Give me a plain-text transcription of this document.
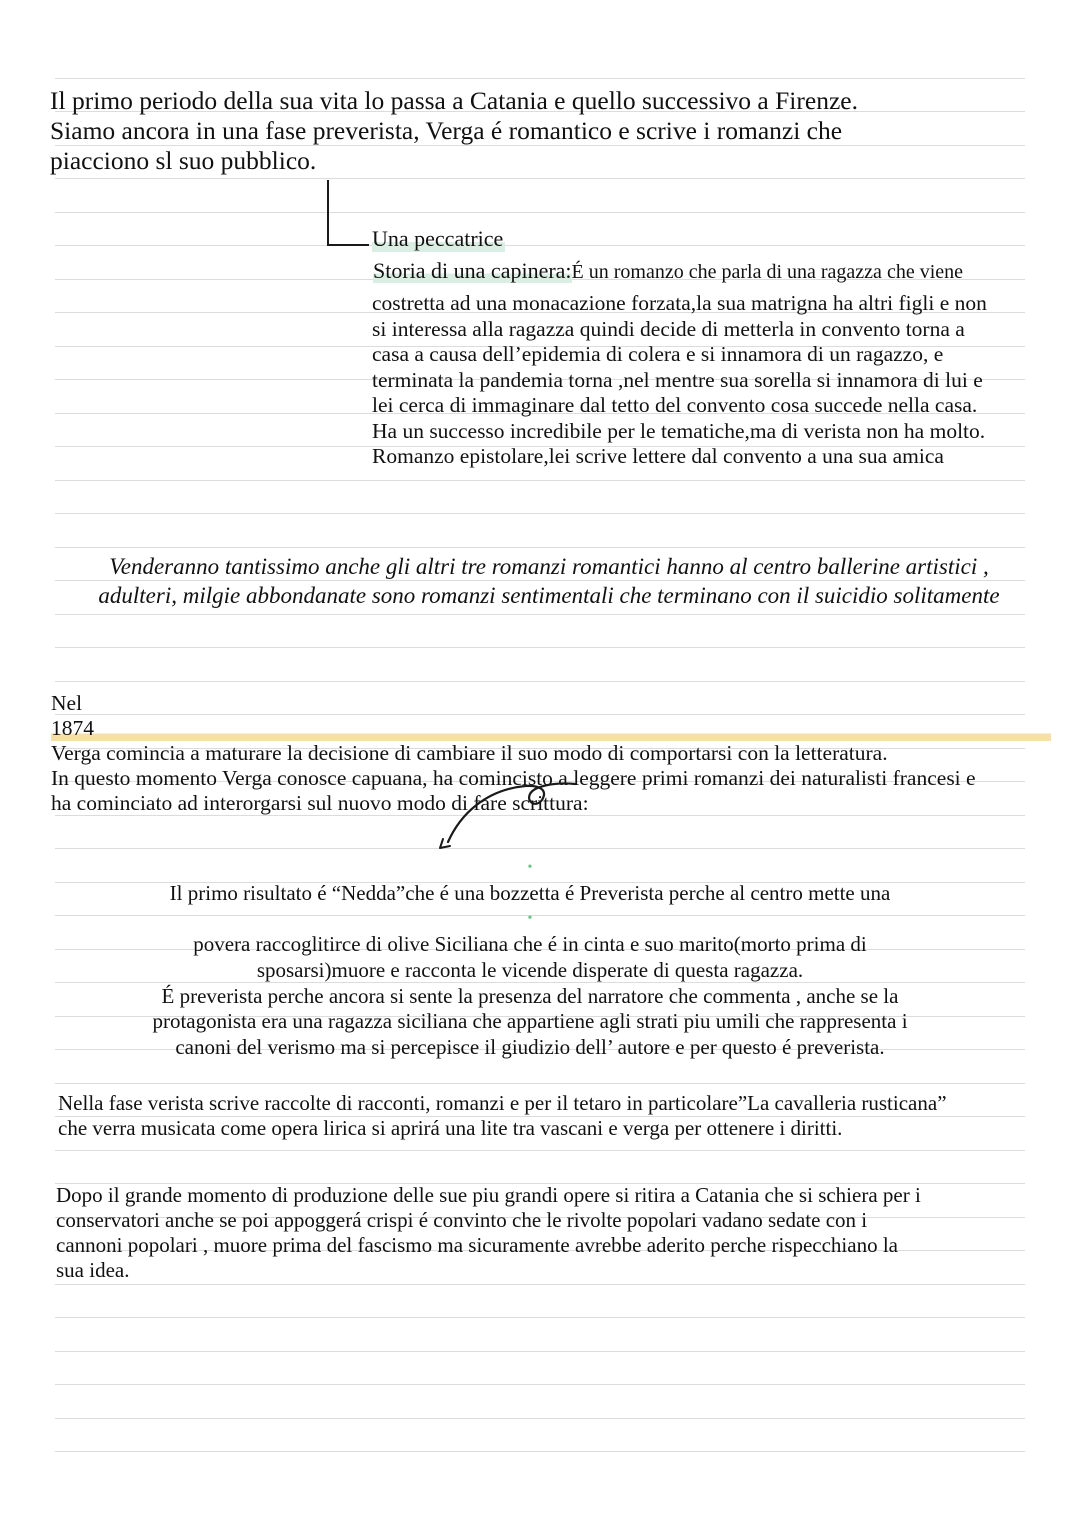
Il primo periodo della sua vita lo passa a Catania e quello successivo a Firenze.
Siamo ancora in una fase preverista, Verga é romantico e scrive i romanzi che
piacciono sl suo pubblico.
Una peccatrice
Storia di una capinera:É un romanzo che parla di una ragazza che viene
costretta ad una monacazione forzata,la sua matrigna ha altri figli e non
si interessa alla ragazza quindi decide di metterla in convento torna a
casa a causa dell’epidemia di colera e si innamora di un ragazzo, e
terminata la pandemia torna ,nel mentre sua sorella si innamora di lui e
lei cerca di immaginare dal tetto del convento cosa succede nella casa.
Ha un successo incredibile per le tematiche,ma di verista non ha molto.
Romanzo epistolare,lei scrive lettere dal convento a una sua amica
Venderanno tantissimo anche gli altri tre romanzi romantici hanno al centro ballerine artistici ,
adulteri, milgie abbondanate sono romanzi sentimentali che terminano con il suicidio solitamente
Nel
1874
Verga comincia a maturare la decisione di cambiare il suo modo di comportarsi con la letteratura.
In questo momento Verga conosce capuana, ha comincisto a leggere primi romanzi dei naturalisti francesi e
ha cominciato ad interorgarsi sul nuovo modo di fare scrittura:
•
Il primo risultato é “Nedda”che é una bozzetta é Preverista perche al centro mette una
•
povera raccoglitirce di olive Siciliana che é in cinta e suo marito(morto prima di
sposarsi)muore e racconta le vicende disperate di questa ragazza.
É preverista perche ancora si sente la presenza del narratore che commenta , anche se la
protagonista era una ragazza siciliana che appartiene agli strati piu umili che rappresenta i
canoni del verismo ma si percepisce il giudizio dell’ autore e per questo é preverista.
Nella fase verista scrive raccolte di racconti, romanzi e per il tetaro in particolare”La cavalleria rusticana”
che verra musicata come opera lirica si aprirá una lite tra vascani e verga per ottenere i diritti.
Dopo il grande momento di produzione delle sue piu grandi opere si ritira a Catania che si schiera per i
conservatori anche se poi appoggerá crispi é convinto che le rivolte popolari vadano sedate con i
cannoni popolari , muore prima del fascismo ma sicuramente avrebbe aderito perche rispecchiano la
sua idea.
